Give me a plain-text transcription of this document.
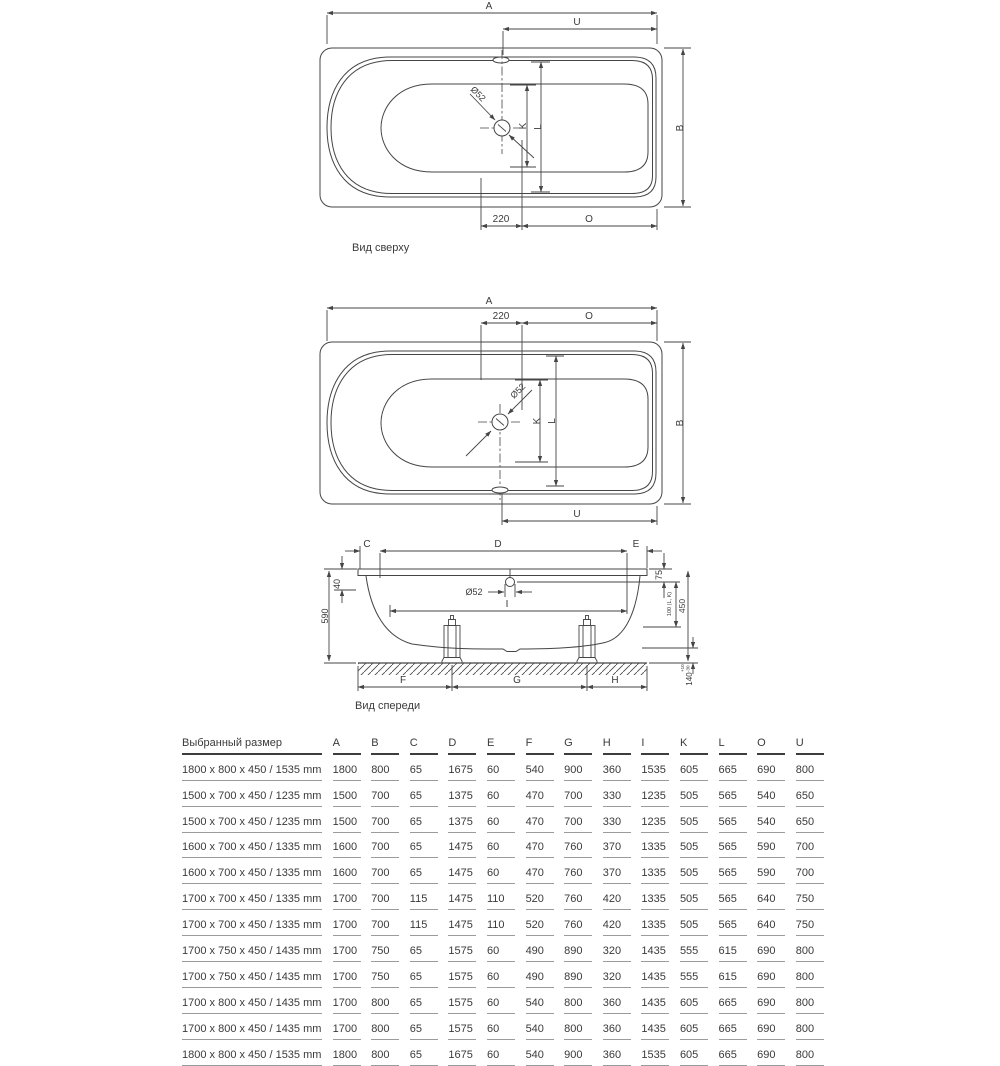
A
U
Ø52
K L	B
220	O
Вид сверху
A
220	O
Ø52
K L	B
U
C	D	E
Ø52
I
40
590
75
100 (L, K) 450
140
+10 -30
F	G	H
Вид спереди
Выбранный размер	A	B	C	D	E	F	G	H	I	K	L	O	U
1800 x 800 x 450 / 1535 mm 1800	800	65	1675	60	540	900	360	1535	605	665	690	800
1500 x 700 x 450 / 1235 mm 1500	700	65	1375	60	470	700	330	1235	505	565	540	650
1500 x 700 x 450 / 1235 mm 1500	700	65	1375	60	470	700	330	1235	505	565	540	650
1600 x 700 x 450 / 1335 mm 1600	700	65	1475	60	470	760	370	1335	505	565	590	700
1600 x 700 x 450 / 1335 mm 1600	700	65	1475	60	470	760	370	1335	505	565	590	700
1700 x 700 x 450 / 1335 mm 1700	700	115	1475	110	520	760	420	1335	505	565	640	750
1700 x 700 x 450 / 1335 mm 1700	700	115	1475	110	520	760	420	1335	505	565	640	750
1700 x 750 x 450 / 1435 mm 1700	750	65	1575	60	490	890	320	1435	555	615	690	800
1700 x 750 x 450 / 1435 mm 1700	750	65	1575	60	490	890	320	1435	555	615	690	800
1700 x 800 x 450 / 1435 mm 1700	800	65	1575	60	540	800	360	1435	605	665	690	800
1700 x 800 x 450 / 1435 mm 1700	800	65	1575	60	540	800	360	1435	605	665	690	800
1800 x 800 x 450 / 1535 mm 1800	800	65	1675	60	540	900	360	1535	605	665	690	800
